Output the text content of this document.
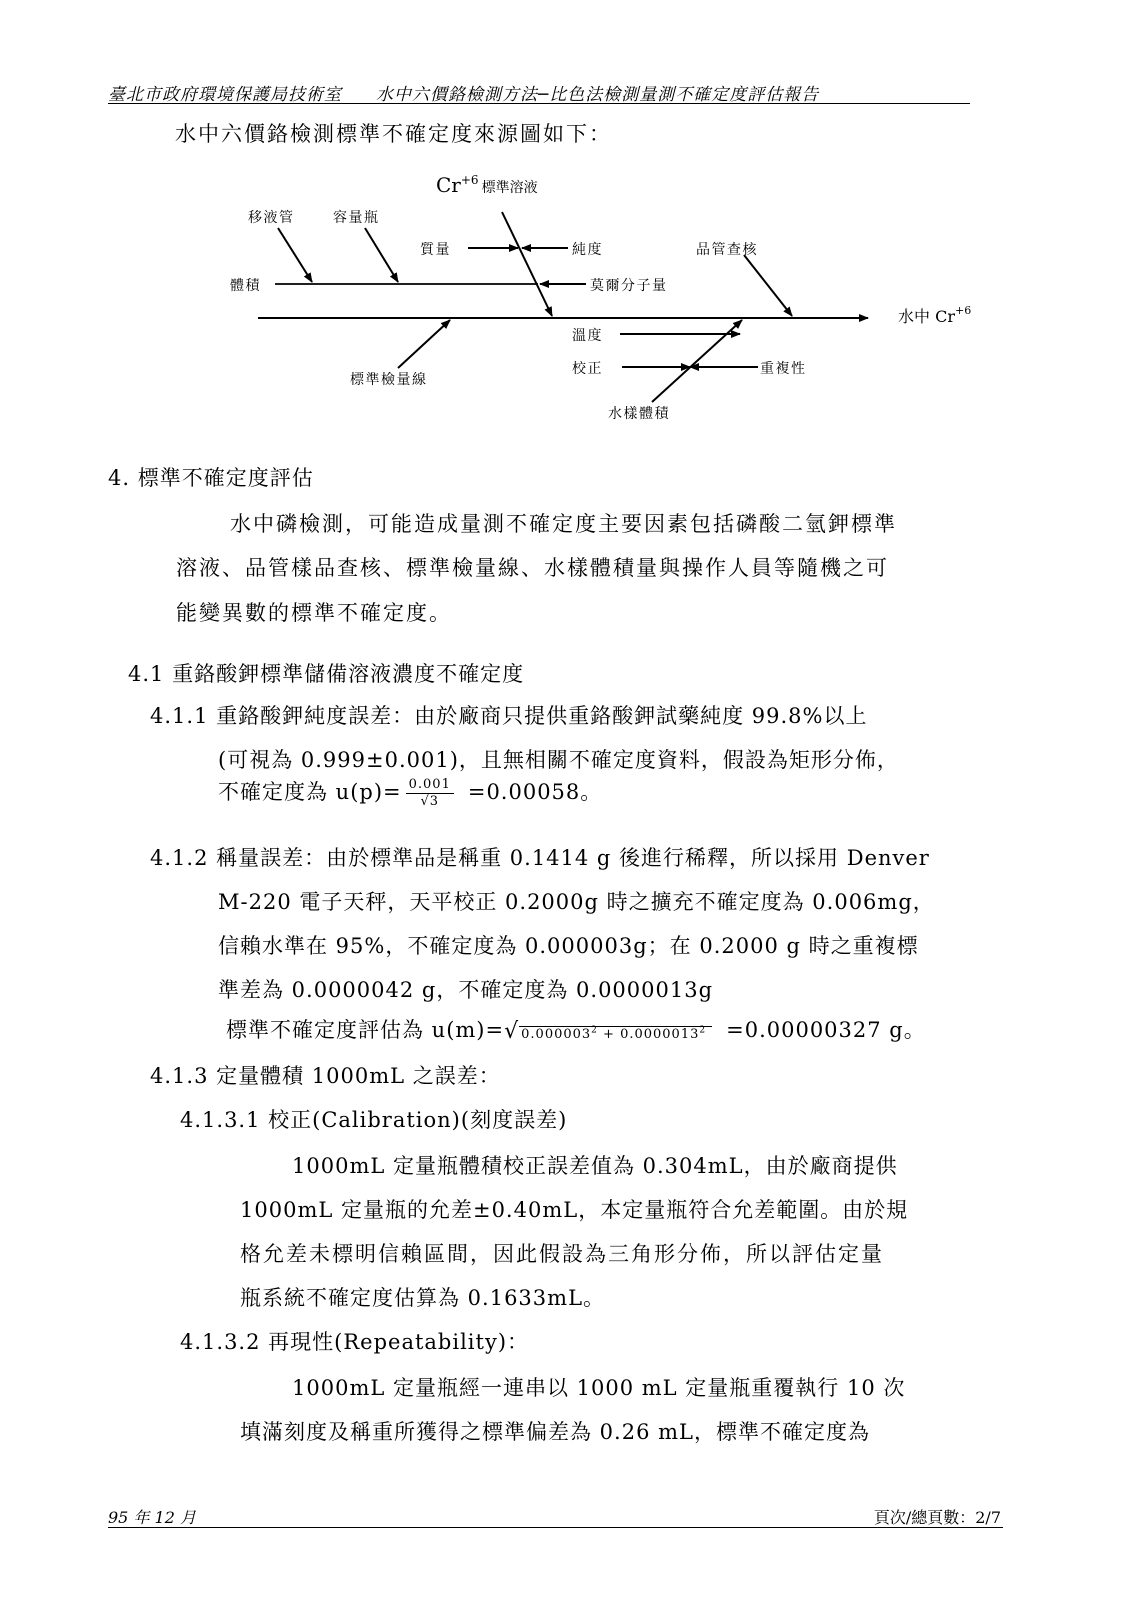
臺北市政府環境保護局技術室 水中六價鉻檢測方法─比色法檢測量測不確定度評估報告
水中六價鉻檢測標準不確定度來源圖如下：
$Cr^{+6}$ $_{標準溶液}$
移液管	容量瓶
質量	純度	品管查核
體積	莫爾分子量
水中 $Cr^{+6}$
溫度
標準檢量線
校正	重複性
水樣體積
4. 標準不確定度評估
水中磷檢測，可能造成量測不確定度主要因素包括磷酸二氫鉀標準
溶液、品管樣品查核、標準檢量線、水樣體積量與操作人員等隨機之可
能變異數的標準不確定度。
4.1 重鉻酸鉀標準儲備溶液濃度不確定度
4.1.1 重鉻酸鉀純度誤差：由於廠商只提供重鉻酸鉀試藥純度 99.8%以上
(可視為 0.999±0.001)，且無相關不確定度資料，假設為矩形分佈，
不確定度為 $u(p)= \frac{0.001}{√3} =0.00058$。
4.1.2 稱量誤差：由於標準品是稱重 0.1414 g 後進行稀釋，所以採用 Denver
M-220 電子天秤，天平校正 0.2000g 時之擴充不確定度為 0.006mg，
信賴水準在 95%，不確定度為 0.000003g；在 0.2000 g 時之重複標
準差為 0.0000042 g，不確定度為 0.0000013g
標準不確定度評估為 u(m)=√ $0.000003^2 + 0.0000013^2 =0.00000327$ g。
4.1.3 定量體積 1000mL 之誤差：
4.1.3.1 校正(Calibration)(刻度誤差)
1000mL 定量瓶體積校正誤差值為 0.304mL，由於廠商提供
1000mL 定量瓶的允差±0.40mL，本定量瓶符合允差範圍。由於規
格允差未標明信賴區間，因此假設為三角形分佈，所以評估定量
瓶系統不確定度估算為 0.1633mL。
4.1.3.2 再現性(Repeatability)：
1000mL 定量瓶經一連串以 1000 mL 定量瓶重覆執行 10 次
填滿刻度及稱重所獲得之標準偏差為 0.26 mL，標準不確定度為
95 年 12 月	頁次/總頁數：2/7
